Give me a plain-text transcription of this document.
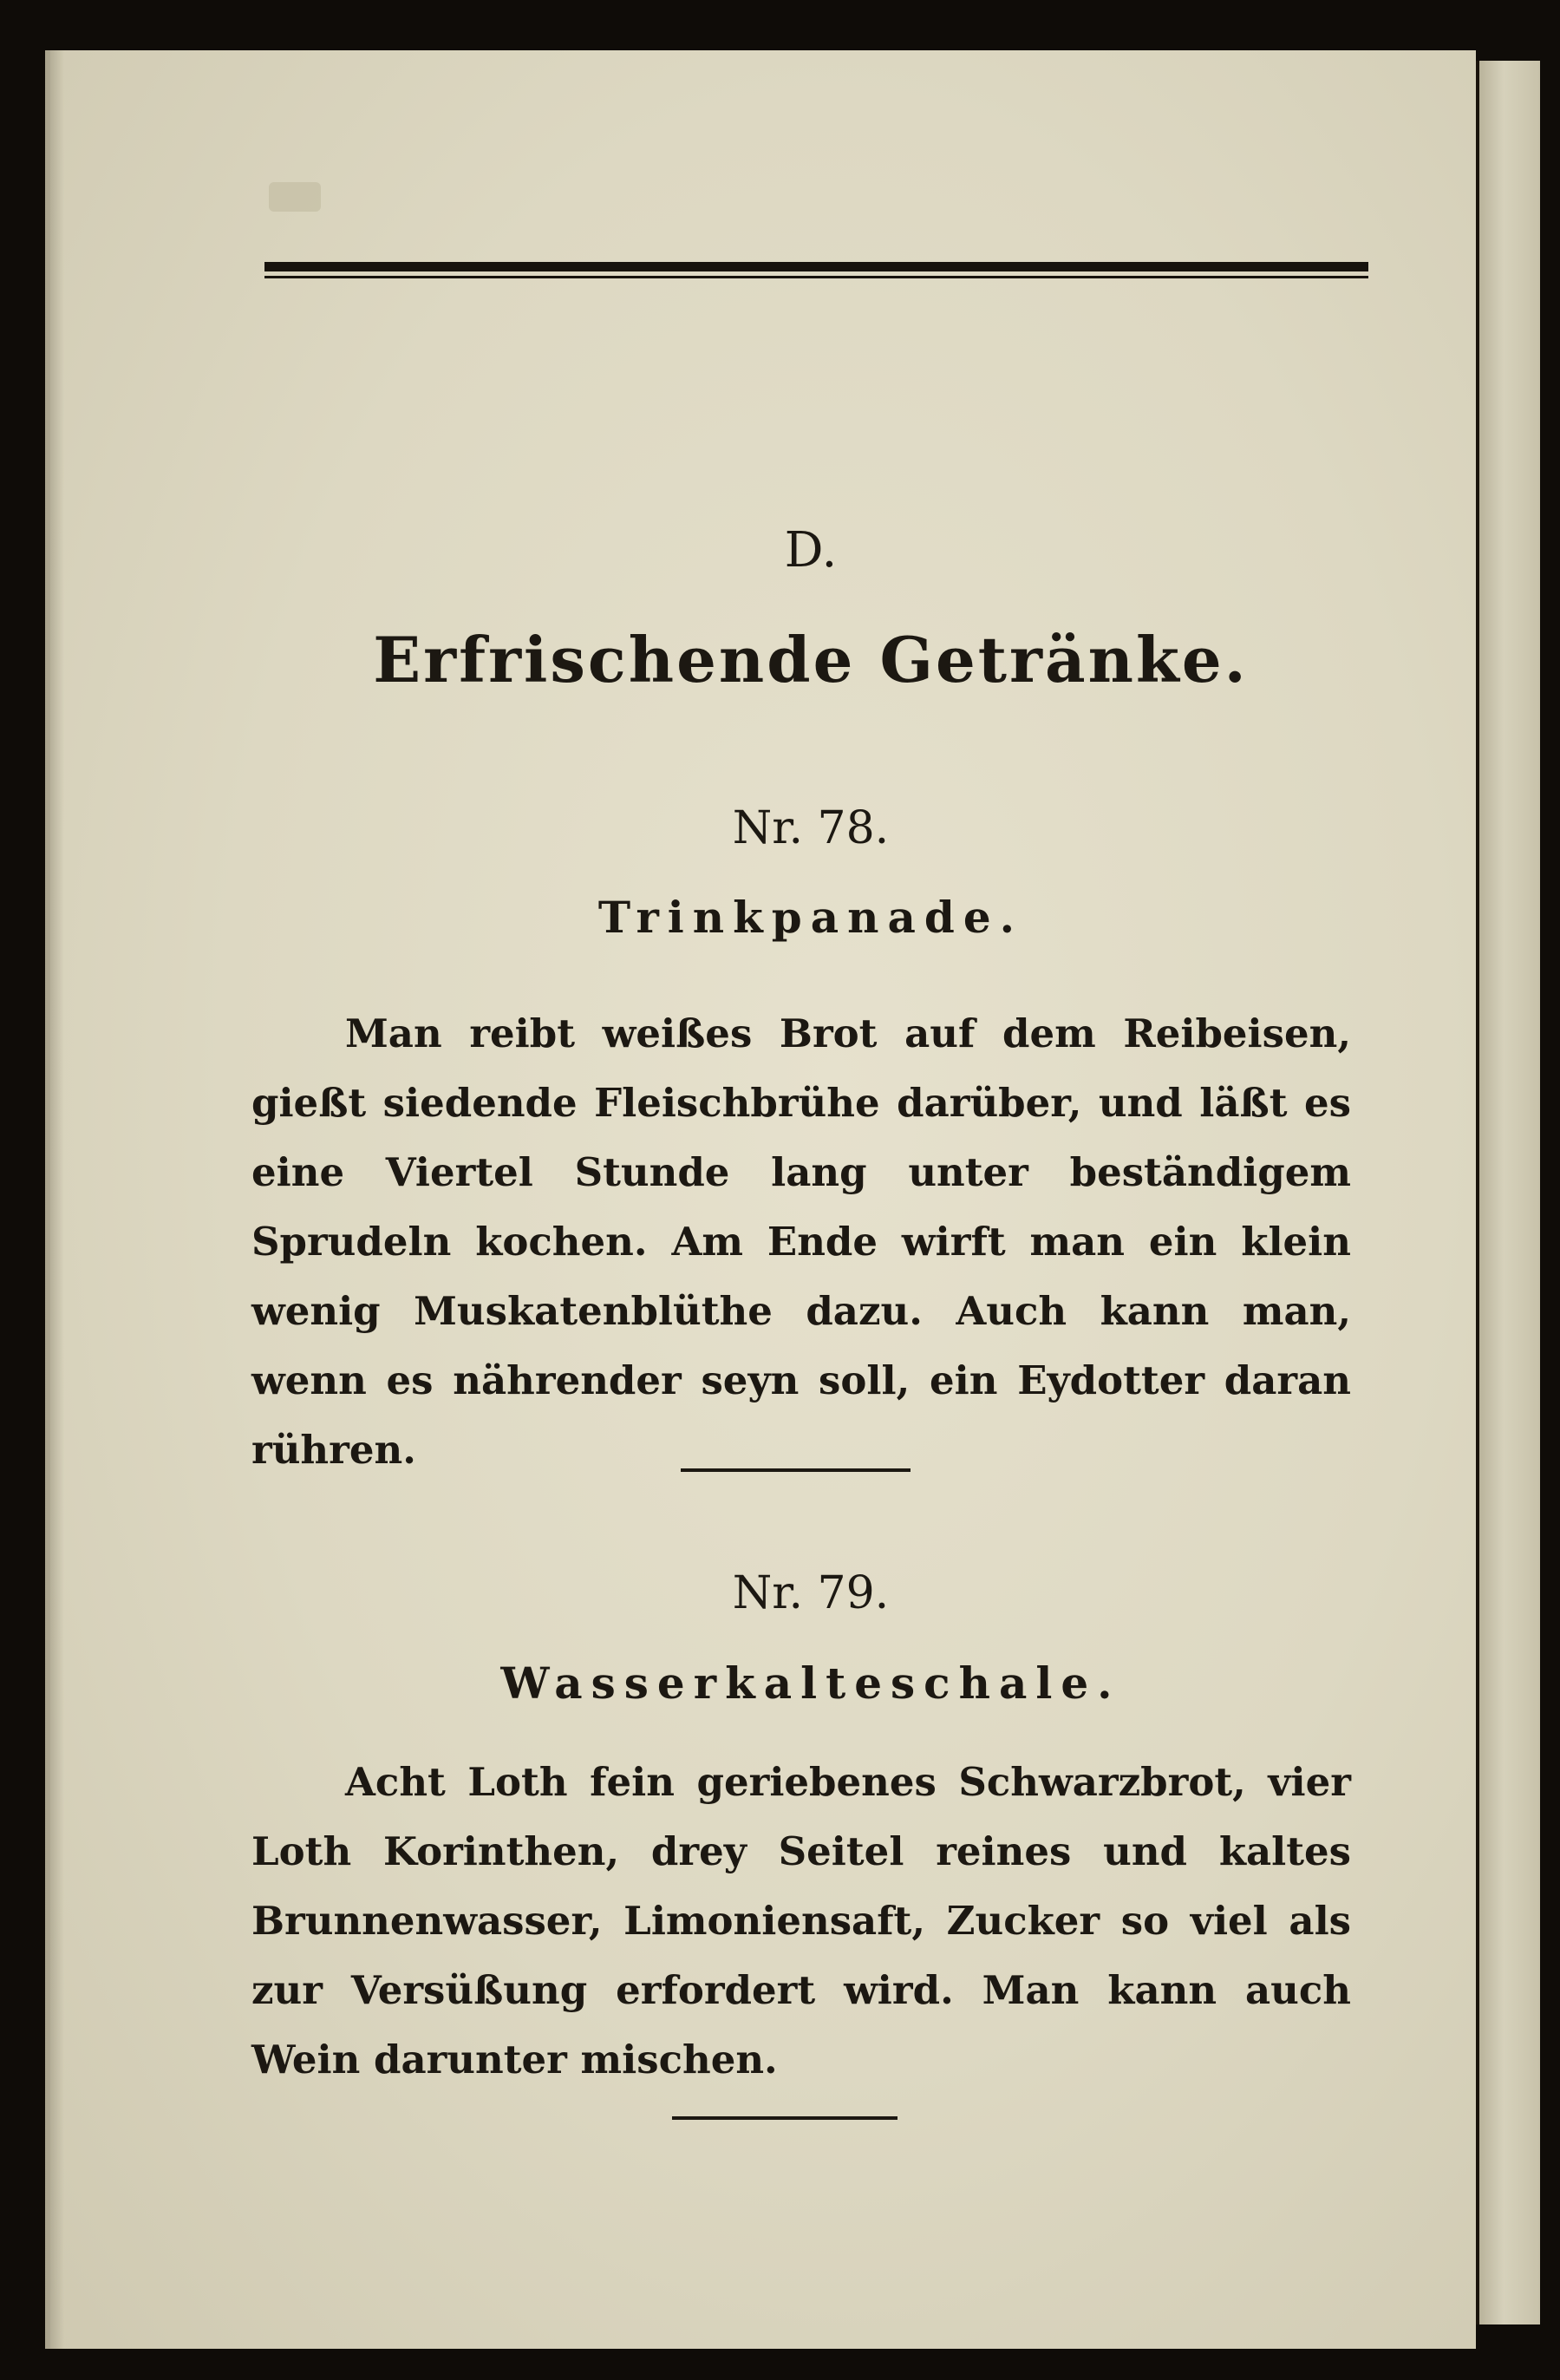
D.
Erfrischende Getränke.
Nr. 78.
Trinkpanade.
Man reibt weißes Brot auf dem Reibeisen, gießt siedende Fleischbrühe darüber, und läßt es eine Viertel Stunde lang unter beständigem Sprudeln kochen. Am Ende wirft man ein klein wenig Muskatenblüthe dazu. Auch kann man, wenn es nährender seyn soll, ein Eydotter daran rühren.
Nr. 79.
Wasserkalteschale.
Acht Loth fein geriebenes Schwarzbrot, vier Loth Korinthen, drey Seitel reines und kaltes Brunnenwasser, Limoniensaft, Zucker so viel als zur Versüßung erfordert wird. Man kann auch Wein darunter mischen.
